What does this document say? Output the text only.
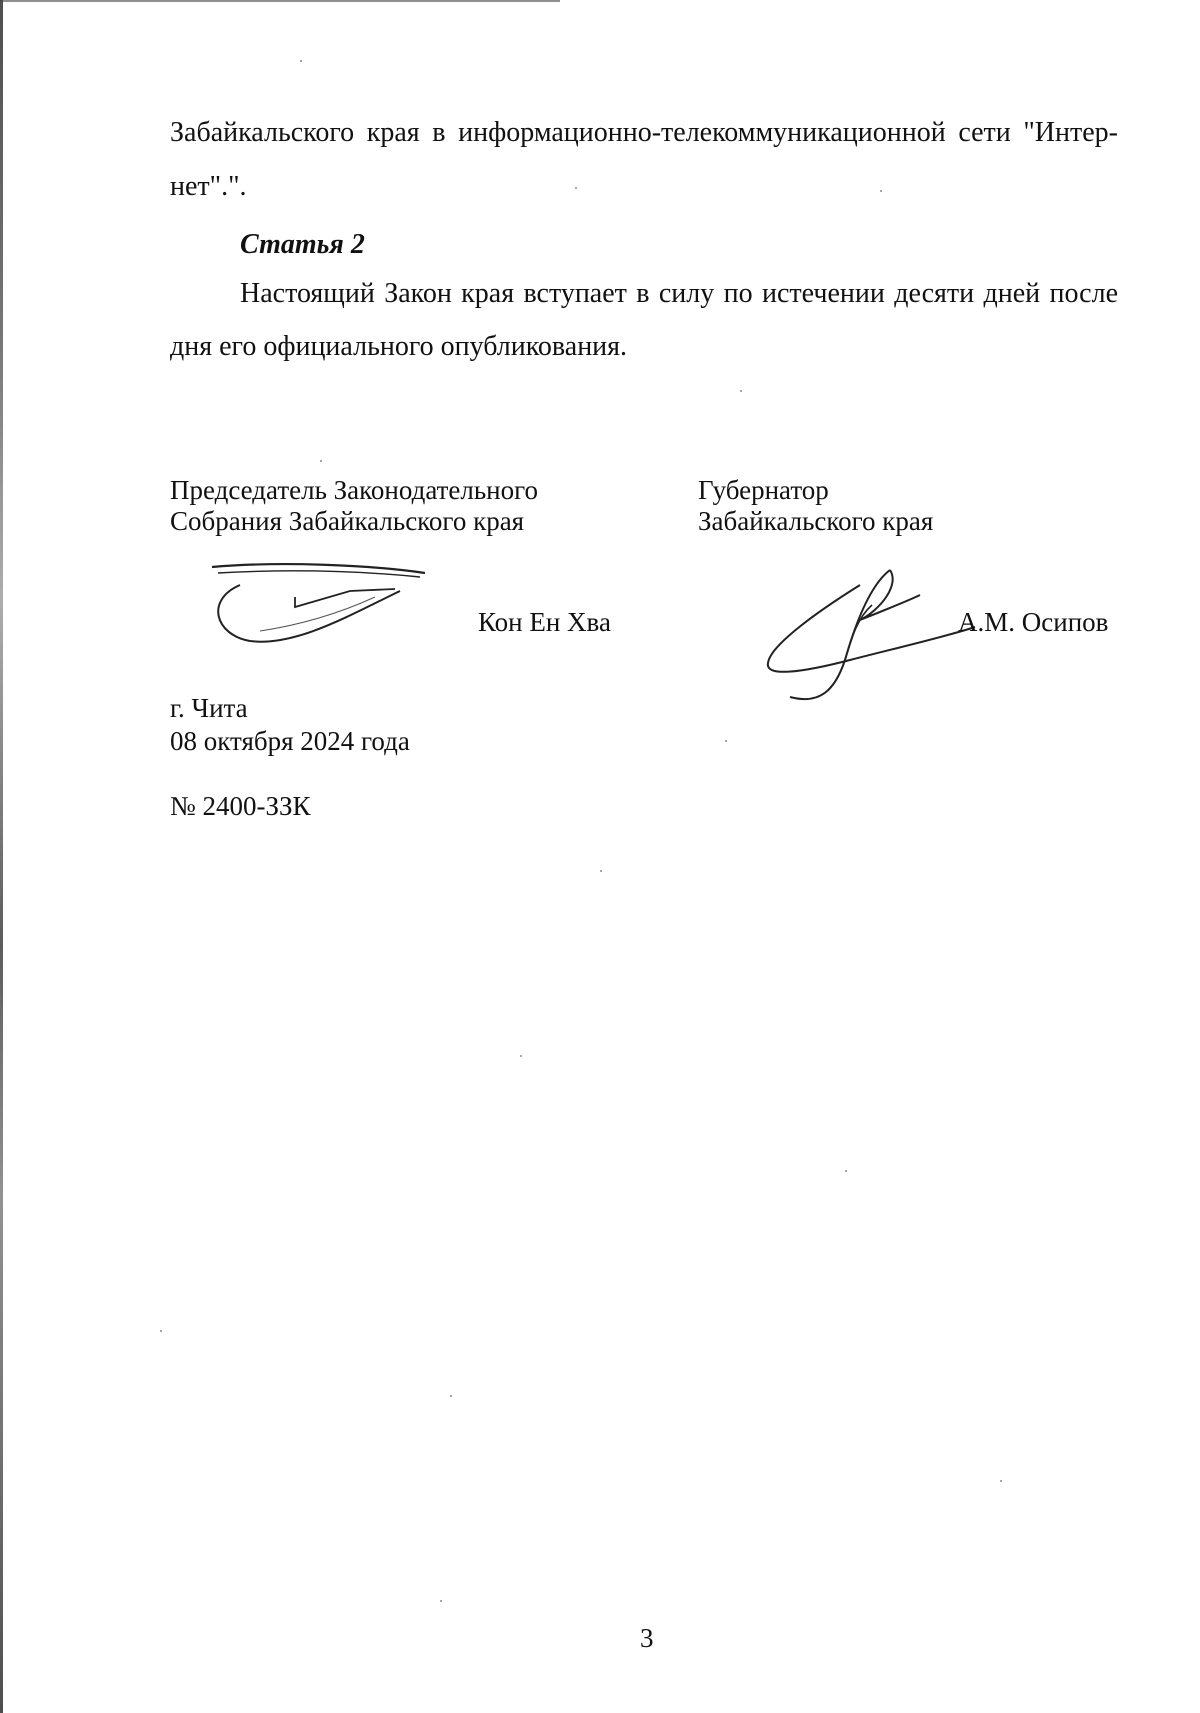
Забайкальского края в информационно-телекоммуникационной сети "Интер-
нет".".
Статья 2
Настоящий Закон края вступает в силу по истечении десяти дней после
дня его официального опубликования.
Председатель Законодательного
Собрания Забайкальского края
Кон Ен Хва
Губернатор
Забайкальского края
А.М. Осипов
г. Чита
08 октября 2024 года
№ 2400-ЗЗК
3
